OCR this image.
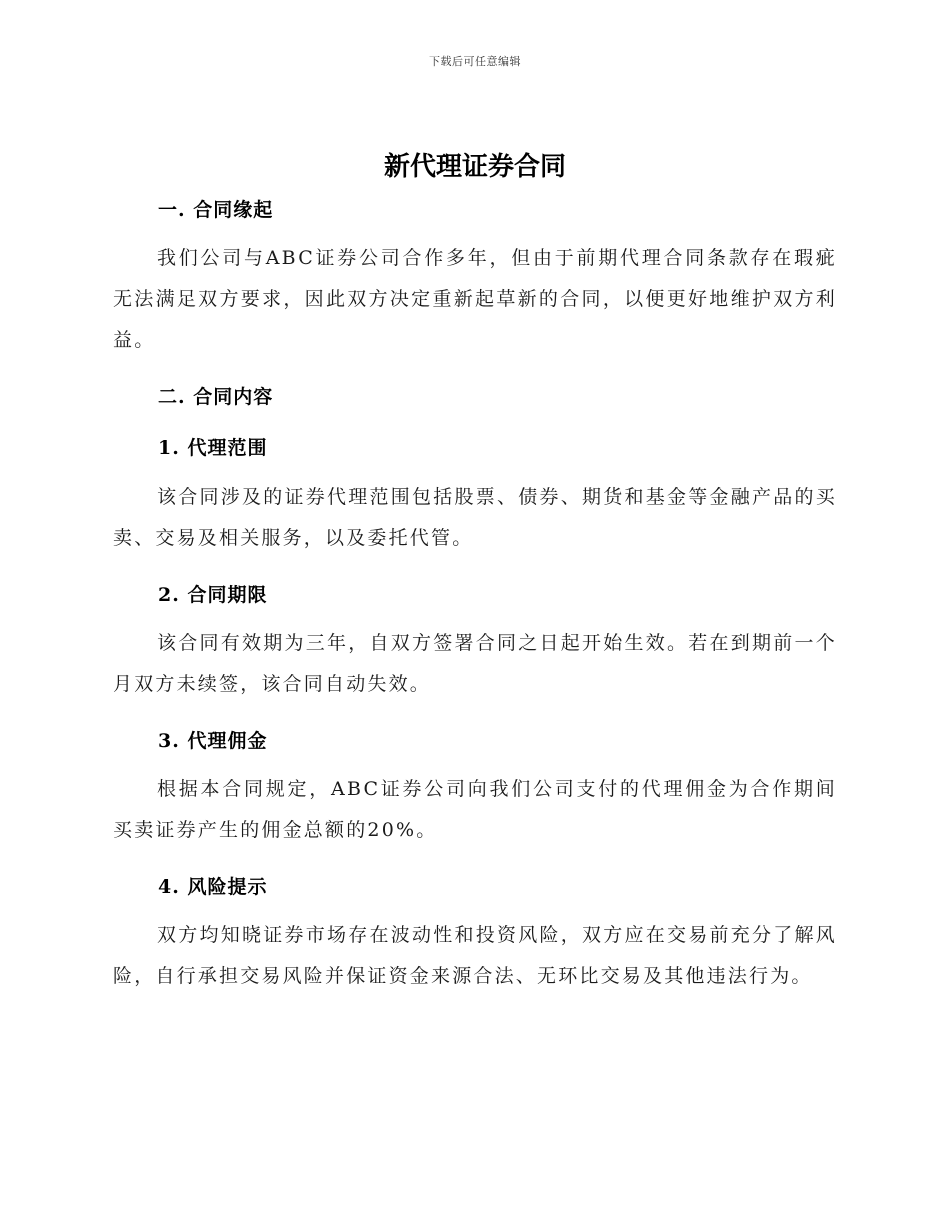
下载后可任意编辑
新代理证券合同
一. 合同缘起

我们公司与ABC证券公司合作多年，但由于前期代理合同条款存在瑕疵无法满足双方要求，因此双方决定重新起草新的合同，以便更好地维护双方利益。

二. 合同内容
1. 代理范围

该合同涉及的证券代理范围包括股票、债券、期货和基金等金融产品的买卖、交易及相关服务，以及委托代管。

2. 合同期限

该合同有效期为三年，自双方签署合同之日起开始生效。若在到期前一个月双方未续签，该合同自动失效。

3. 代理佣金

根据本合同规定，ABC证券公司向我们公司支付的代理佣金为合作期间买卖证券产生的佣金总额的20%。

4. 风险提示

双方均知晓证券市场存在波动性和投资风险，双方应在交易前充分了解风险，自行承担交易风险并保证资金来源合法、无环比交易及其他违法行为。
